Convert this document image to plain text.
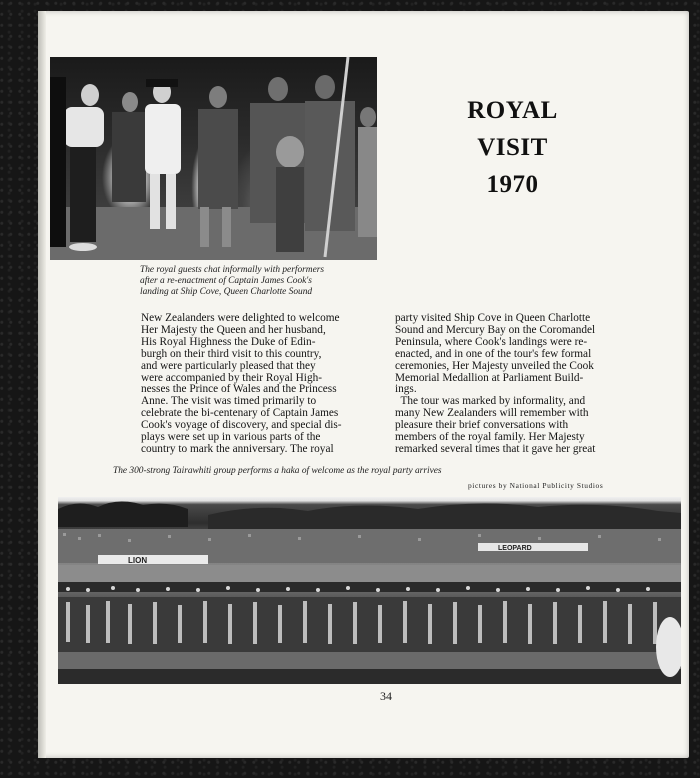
The royal guests chat informally with performers
after a re-enactment of Captain James Cook's
landing at Ship Cove, Queen Charlotte Sound
ROYAL
VISIT
1970
New Zealanders were delighted to welcome
Her Majesty the Queen and her husband,
His Royal Highness the Duke of Edin-
burgh on their third visit to this country,
and were particularly pleased that they
were accompanied by their Royal High-
nesses the Prince of Wales and the Princess
Anne. The visit was timed primarily to
celebrate the bi-centenary of Captain James
Cook's voyage of discovery, and special dis-
plays were set up in various parts of the
country to mark the anniversary. The royal
party visited Ship Cove in Queen Charlotte
Sound and Mercury Bay on the Coromandel
Peninsula, where Cook's landings were re-
enacted, and in one of the tour's few formal
ceremonies, Her Majesty unveiled the Cook
Memorial Medallion at Parliament Build-
ings.
The tour was marked by informality, and
many New Zealanders will remember with
pleasure their brief conversations with
members of the royal family. Her Majesty
remarked several times that it gave her great
The 300-strong Tairawhiti group performs a haka of welcome as the royal party arrives
pictures by National Publicity Studios
LION
LEOPARD
34
